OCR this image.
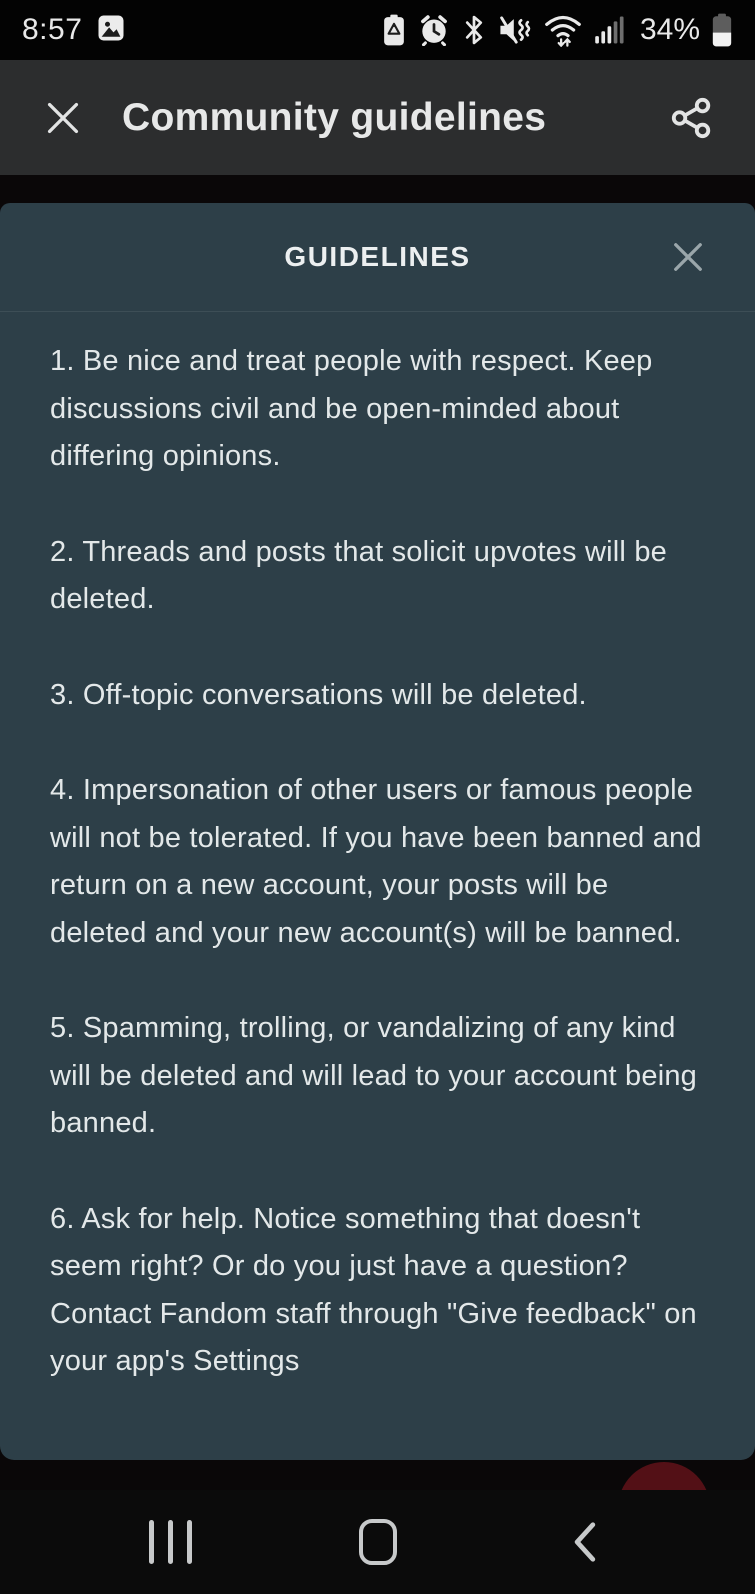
8:57	34%
Community guidelines
GUIDELINES

1. Be nice and treat people with respect. Keep discussions civil and be open-minded about differing opinions.

2. Threads and posts that solicit upvotes will be deleted.

3. Off-topic conversations will be deleted.

4. Impersonation of other users or famous people will not be tolerated. If you have been banned and return on a new account, your posts will be deleted and your new account(s) will be banned.

5. Spamming, trolling, or vandalizing of any kind will be deleted and will lead to your account being banned.

6. Ask for help. Notice something that doesn't seem right? Or do you just have a question? Contact Fandom staff through "Give feedback" on your app's Settings
